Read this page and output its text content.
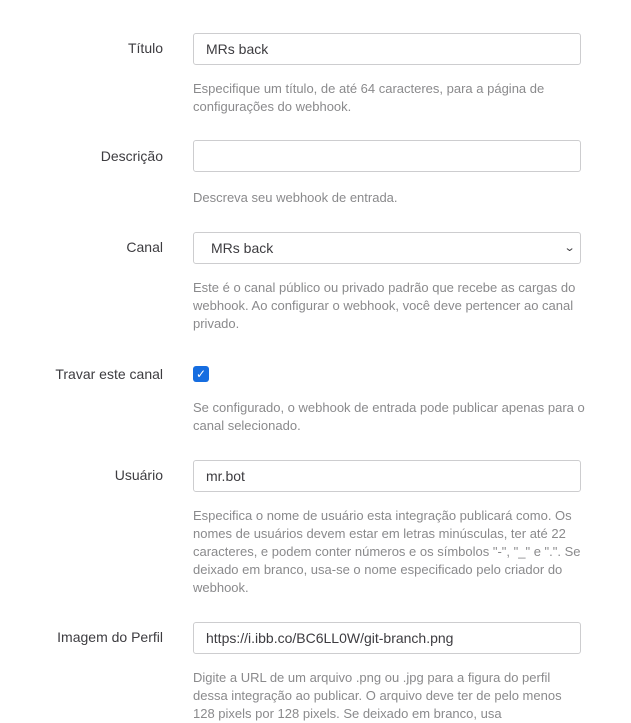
Título	MRs back
Especifique um título, de até 64 caracteres, para a página de configurações do webhook.
Descrição
Descreva seu webhook de entrada.
Canal	MRs back	⌄
Este é o canal público ou privado padrão que recebe as cargas do webhook. Ao configurar o webhook, você deve pertencer ao canal privado.
Travar este canal	✓
Se configurado, o webhook de entrada pode publicar apenas para o canal selecionado.
Usuário	mr.bot
Especifica o nome de usuário esta integração publicará como. Os nomes de usuários devem estar em letras minúsculas, ter até 22 caracteres, e podem conter números e os símbolos "-", "_" e ".". Se deixado em branco, usa-se o nome especificado pelo criador do webhook.
Imagem do Perfil	https://i.ibb.co/BC6LL0W/git-branch.png
Digite a URL de um arquivo .png ou .jpg para a figura do perfil dessa integração ao publicar. O arquivo deve ter de pelo menos 128 pixels por 128 pixels. Se deixado em branco, usa
